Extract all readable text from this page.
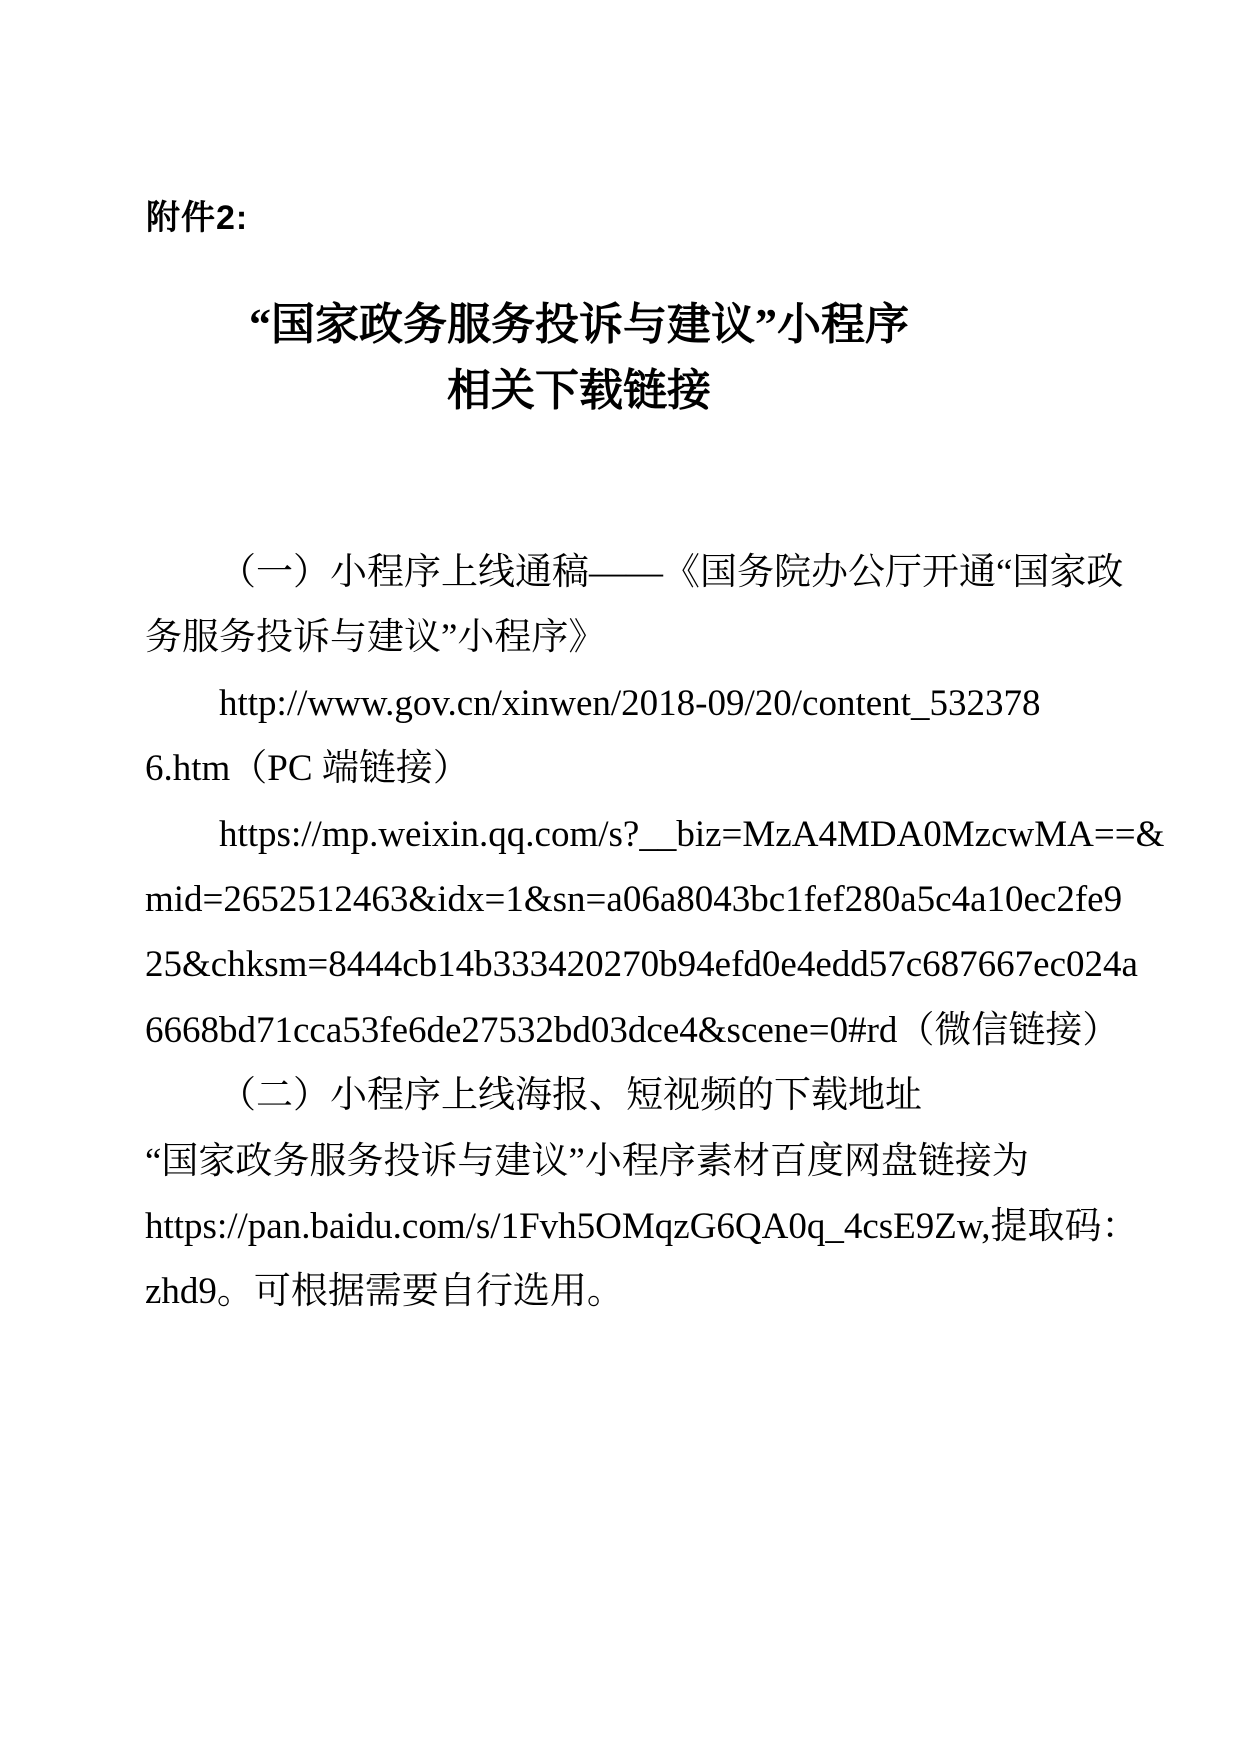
附件2:
“国家政务服务投诉与建议”小程序
相关下载链接
（一）小程序上线通稿——《国务院办公厅开通“国家政
务服务投诉与建议”小程序》
http://www.gov.cn/xinwen/2018-09/20/content_532378
6.htm（PC 端链接）
https://mp.weixin.qq.com/s?__biz=MzA4MDA0MzcwMA==&
mid=2652512463&idx=1&sn=a06a8043bc1fef280a5c4a10ec2fe9
25&chksm=8444cb14b333420270b94efd0e4edd57c687667ec024a
6668bd71cca53fe6de27532bd03dce4&scene=0#rd（微信链接）
（二）小程序上线海报、短视频的下载地址
“国家政务服务投诉与建议”小程序素材百度网盘链接为
https://pan.baidu.com/s/1Fvh5OMqzG6QA0q_4csE9Zw,提取码：
zhd9。可根据需要自行选用。
